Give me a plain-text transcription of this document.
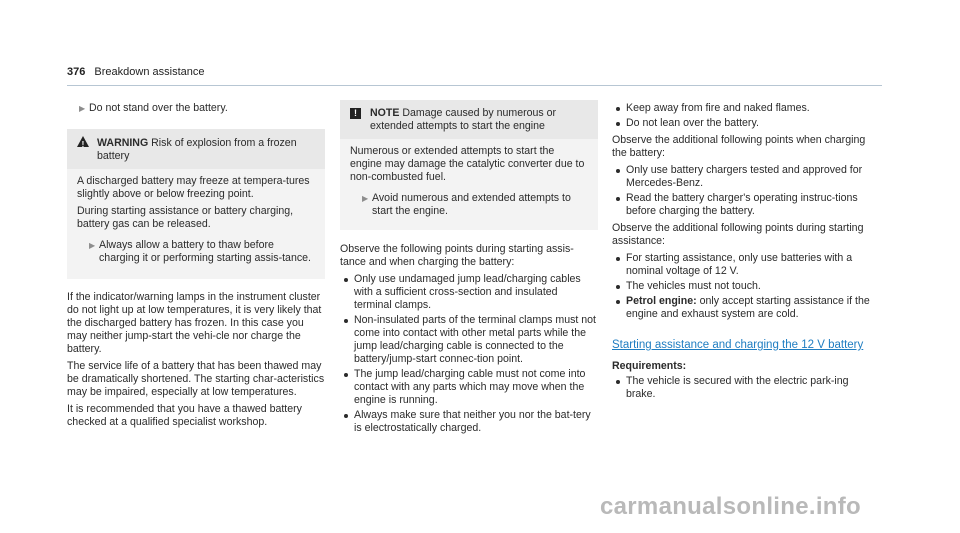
376 Breakdown assistance

▶ Do not stand over the battery.

! WARNING Risk of explosion from a frozen battery

A discharged battery may freeze at tempera-tures slightly above or below freezing point.

During starting assistance or battery charging, battery gas can be released.

▶ Always allow a battery to thaw before charging it or performing starting assis-tance.

If the indicator/warning lamps in the instrument cluster do not light up at low temperatures, it is very likely that the discharged battery has frozen. In this case you may neither jump-start the vehi-cle nor charge the battery.

The service life of a battery that has been thawed may be dramatically shortened. The starting char-acteristics may be impaired, especially at low temperatures.

It is recommended that you have a thawed battery checked at a qualified specialist workshop.

!	NOTE Damage caused by numerous or extended attempts to start the engine

Numerous or extended attempts to start the engine may damage the catalytic converter due to non-combusted fuel.

▶ Avoid numerous and extended attempts to start the engine.

Observe the following points during starting assis-tance and when charging the battery:

Only use undamaged jump lead/charging cables with a sufficient cross-section and insulated terminal clamps.
Non-insulated parts of the terminal clamps must not come into contact with other metal parts while the jump lead/charging cable is connected to the battery/jump-start connec-tion point.
The jump lead/charging cable must not come into contact with any parts which may move when the engine is running.
Always make sure that neither you nor the bat-tery is electrostatically charged.
Keep away from fire and naked flames.
Do not lean over the battery.

Observe the additional following points when charging the battery:

Only use battery chargers tested and approved for Mercedes-Benz.
Read the battery charger's operating instruc-tions before charging the battery.

Observe the additional following points during starting assistance:

For starting assistance, only use batteries with a nominal voltage of 12 V.
The vehicles must not touch.
Petrol engine: only accept starting assistance if the engine and exhaust system are cold.
Starting assistance and charging the 12 V battery
Requirements:
The vehicle is secured with the electric park-ing brake.
carmanualsonline.info
